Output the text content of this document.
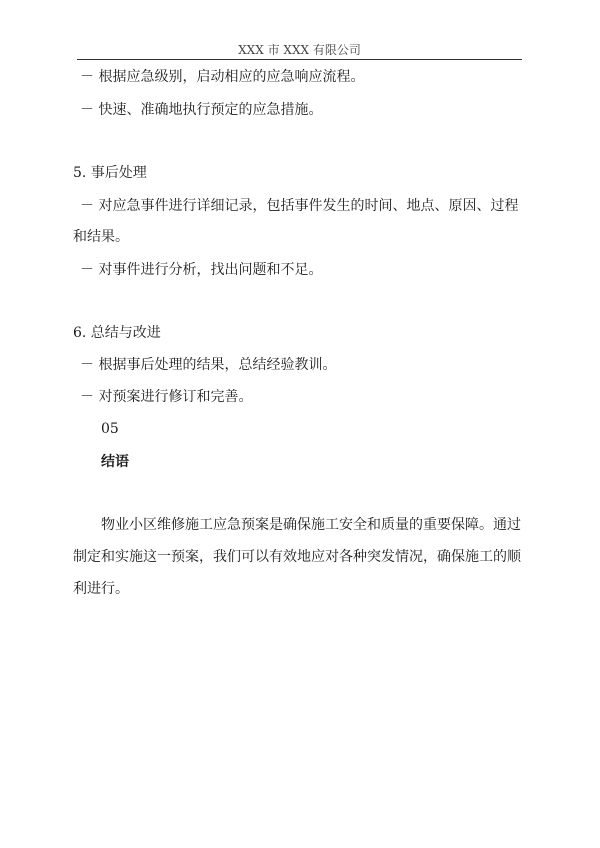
XXX 市 XXX 有限公司
－ 根据应急级别，启动相应的应急响应流程。
－ 快速、准确地执行预定的应急措施。
5. 事后处理
－ 对应急事件进行详细记录，包括事件发生的时间、地点、原因、过程
和结果。
－ 对事件进行分析，找出问题和不足。
6. 总结与改进
－ 根据事后处理的结果，总结经验教训。
－ 对预案进行修订和完善。
05
结语
物业小区维修施工应急预案是确保施工安全和质量的重要保障。通过
制定和实施这一预案，我们可以有效地应对各种突发情况，确保施工的顺
利进行。
